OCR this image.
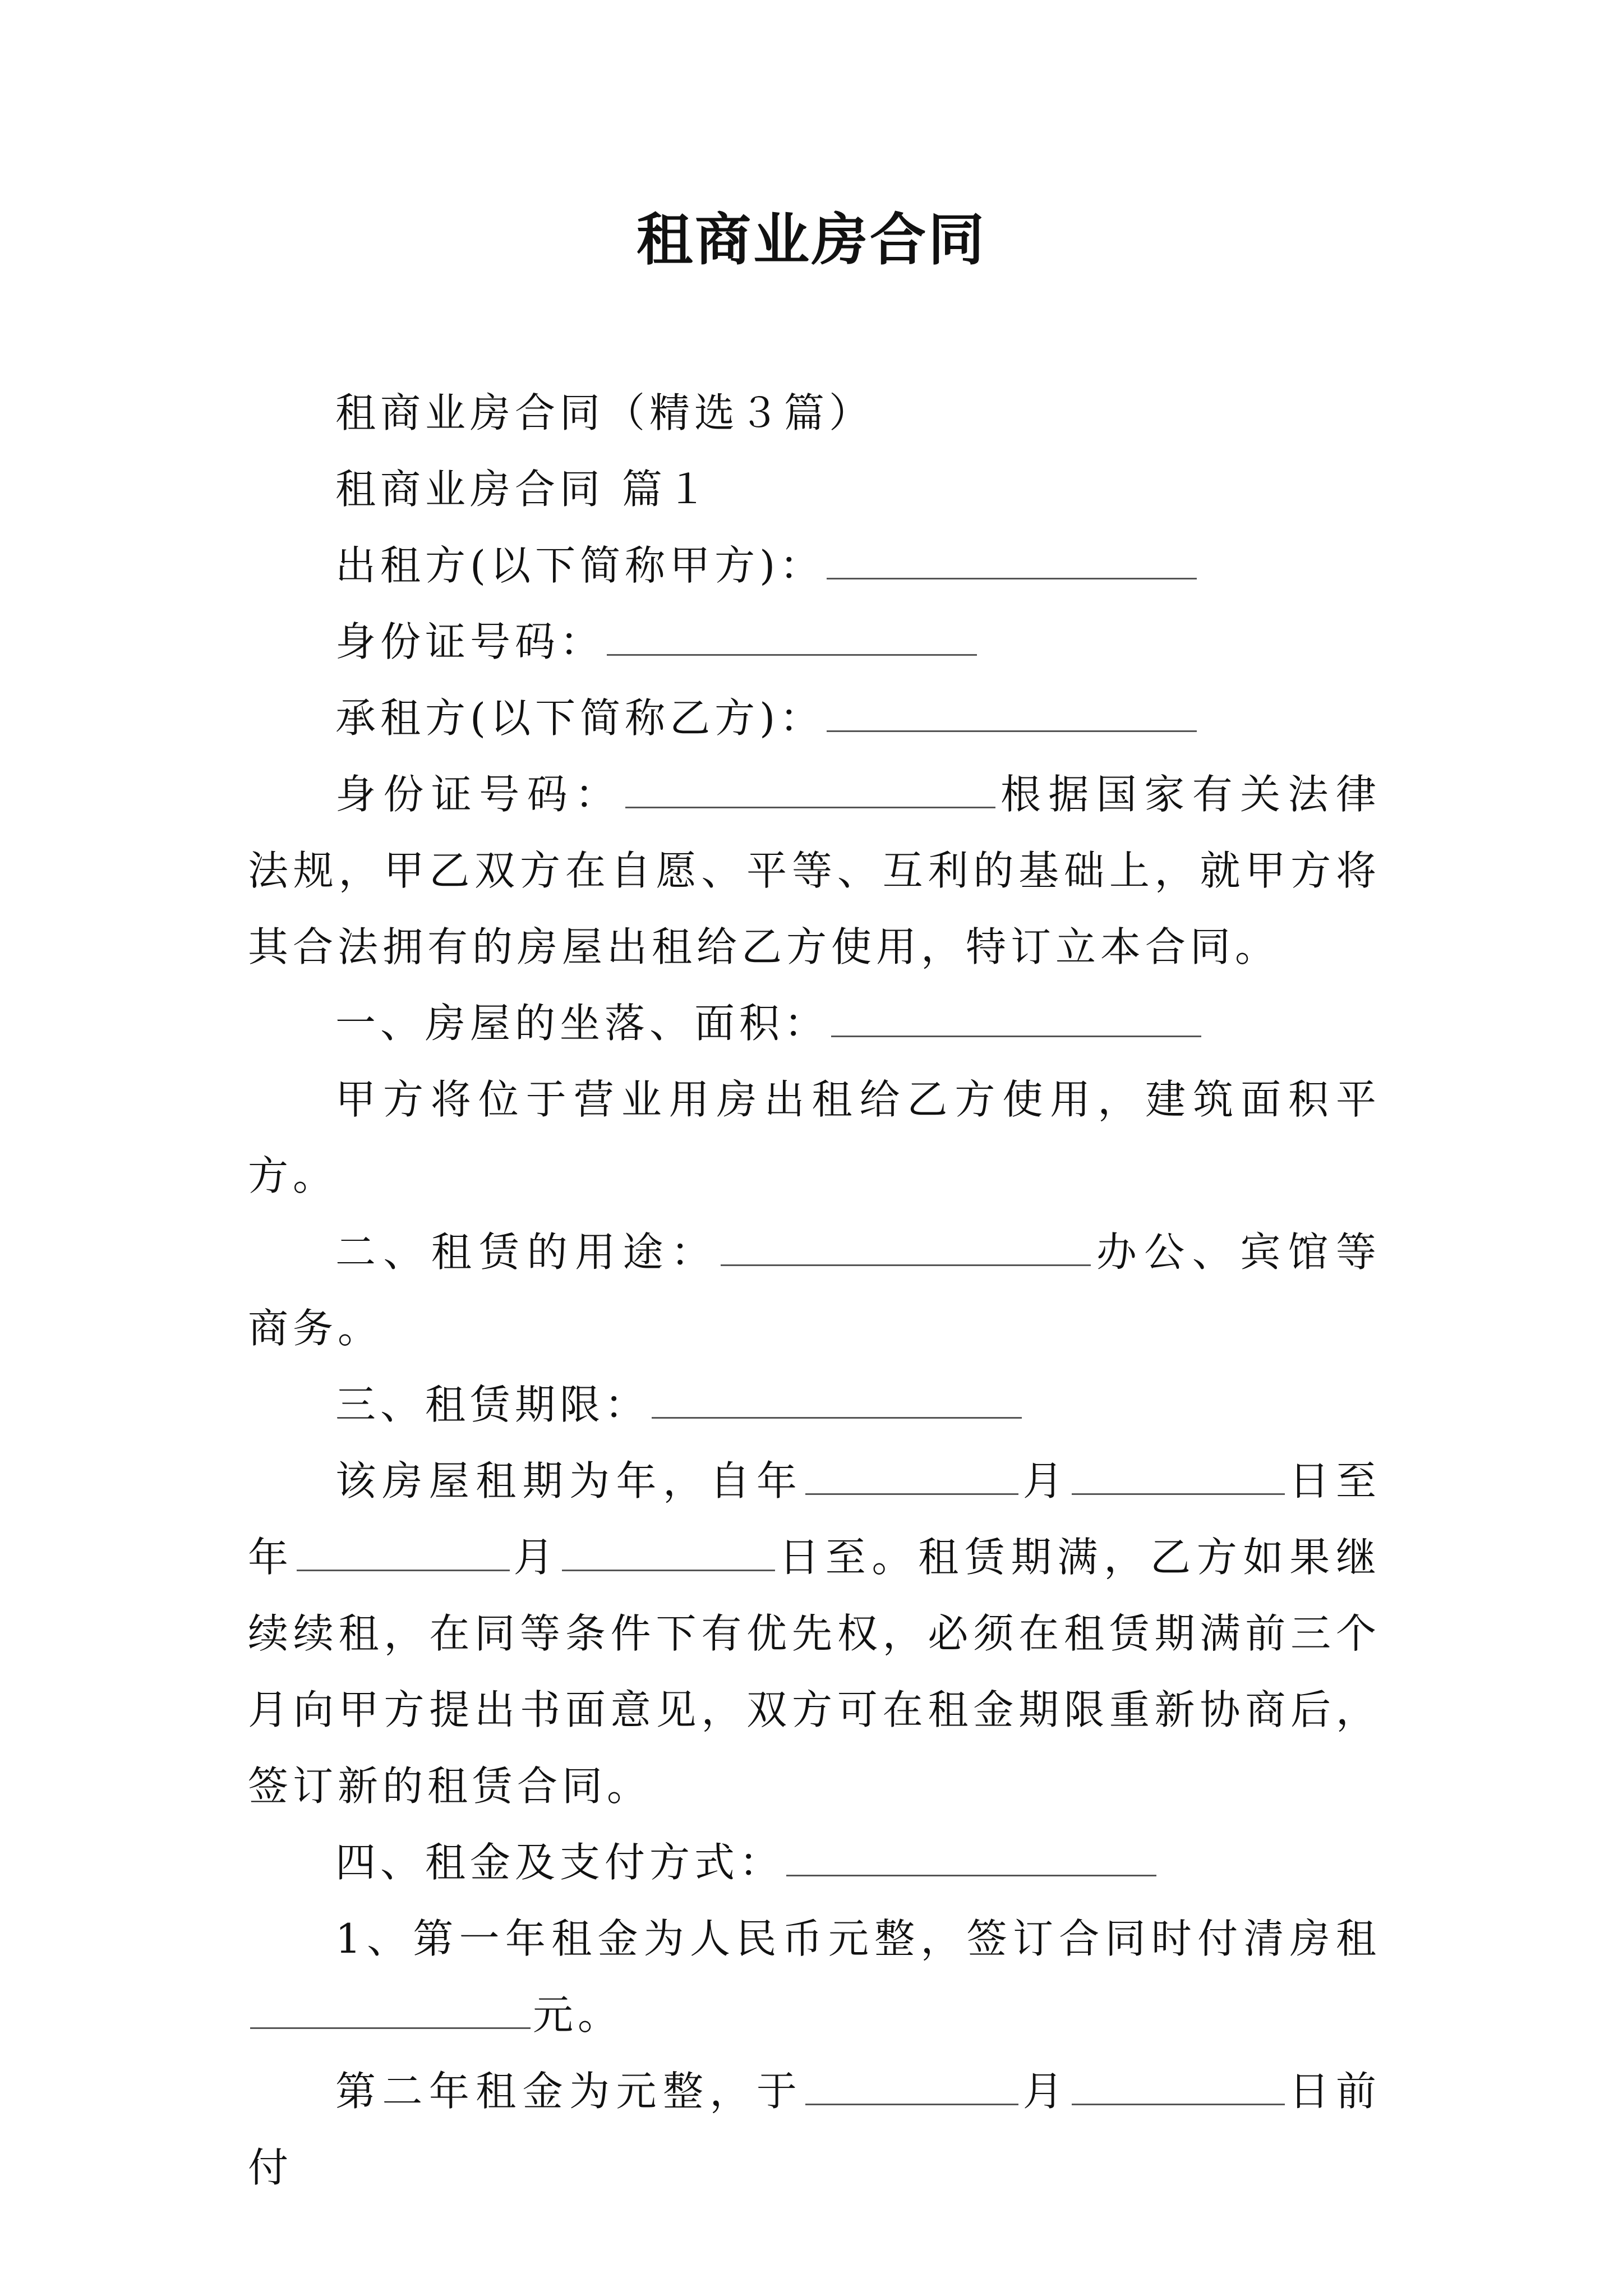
租商业房合同

租商业房合同（精选３篇）

租商业房合同 篇１

出租方(以下简称甲方)：

身份证号码：

承租方(以下简称乙方)：

身份证号码：	根据国家有关法律法规，甲乙双方在自愿、平等、互利的基础上，就甲方将其合法拥有的房屋出租给乙方使用，特订立本合同。

一、房屋的坐落、面积：

甲方将位于营业用房出租给乙方使用，建筑面积平方。

二、租赁的用途：	办公、宾馆等商务。

三、租赁期限：

该房屋租期为年，自年	月	日至年	月	日至。租赁期满，乙方如果继续续租，在同等条件下有优先权，必须在租赁期满前三个月向甲方提出书面意见，双方可在租金期限重新协商后，签订新的租赁合同。

四、租金及支付方式：

1、第一年租金为人民币元整，签订合同时付清房租元。

第二年租金为元整，于	月	日前付
